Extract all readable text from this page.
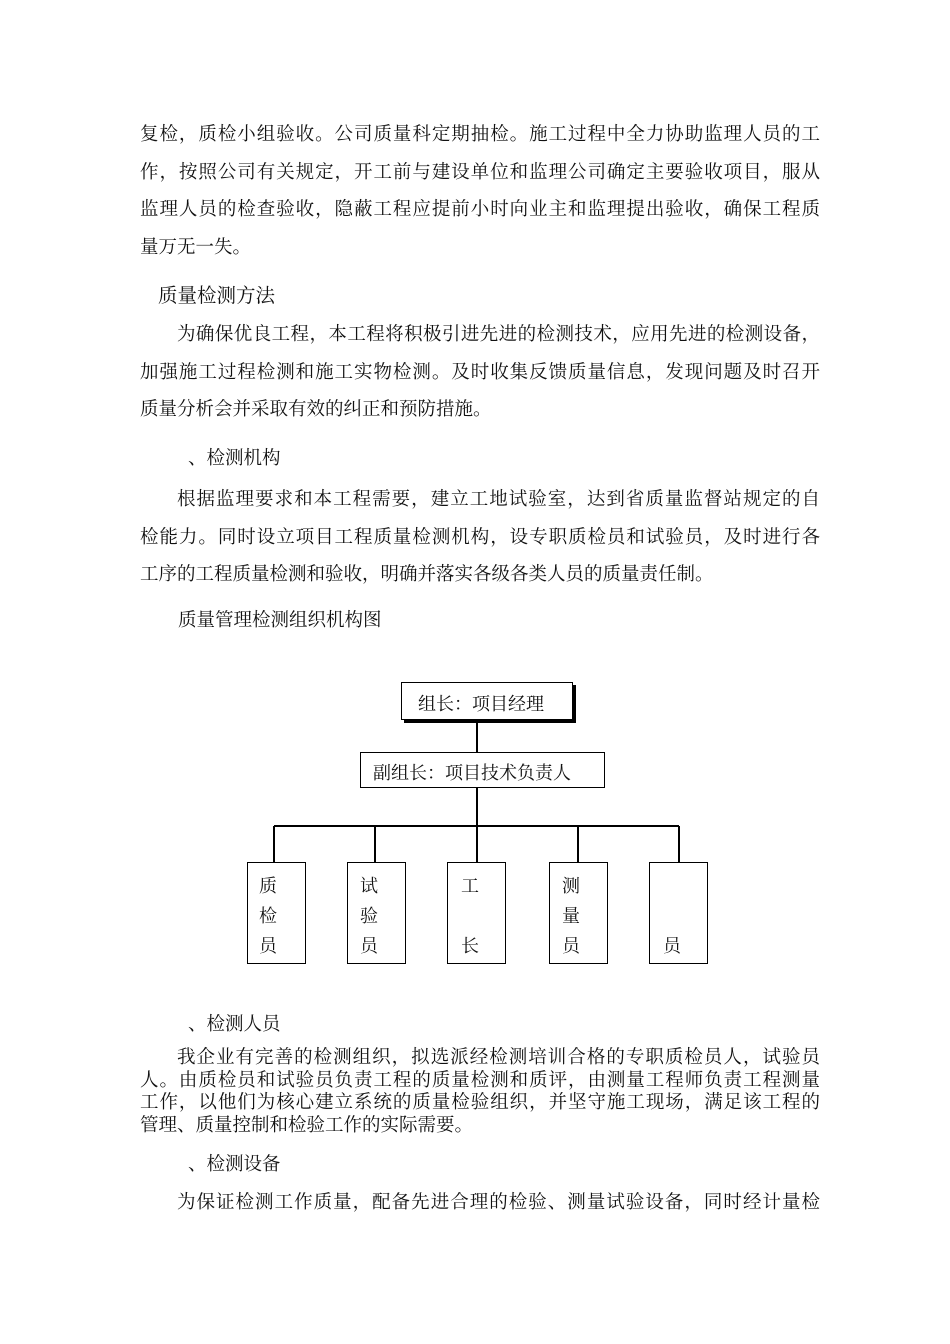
复检，质检小组验收。公司质量科定期抽检。施工过程中全力协助监理人员的工
作，按照公司有关规定，开工前与建设单位和监理公司确定主要验收项目，服从
监理人员的检查验收，隐蔽工程应提前小时向业主和监理提出验收，确保工程质
量万无一失。
质量检测方法
为确保优良工程，本工程将积极引进先进的检测技术，应用先进的检测设备，
加强施工过程检测和施工实物检测。及时收集反馈质量信息，发现问题及时召开
质量分析会并采取有效的纠正和预防措施。
、检测机构
根据监理要求和本工程需要，建立工地试验室，达到省质量监督站规定的自
检能力。同时设立项目工程质量检测机构，设专职质检员和试验员，及时进行各
工序的工程质量检测和验收，明确并落实各级各类人员的质量责任制。
质量管理检测组织机构图
组长：项目经理
副组长：项目技术负责人
质
检
员
试
验
员
工
长
测
量
员	员
、检测人员
我企业有完善的检测组织，拟选派经检测培训合格的专职质检员人，试验员
人。由质检员和试验员负责工程的质量检测和质评，由测量工程师负责工程测量
工作，以他们为核心建立系统的质量检验组织，并坚守施工现场，满足该工程的
管理、质量控制和检验工作的实际需要。
、检测设备
为保证检测工作质量，配备先进合理的检验、测量试验设备，同时经计量检
